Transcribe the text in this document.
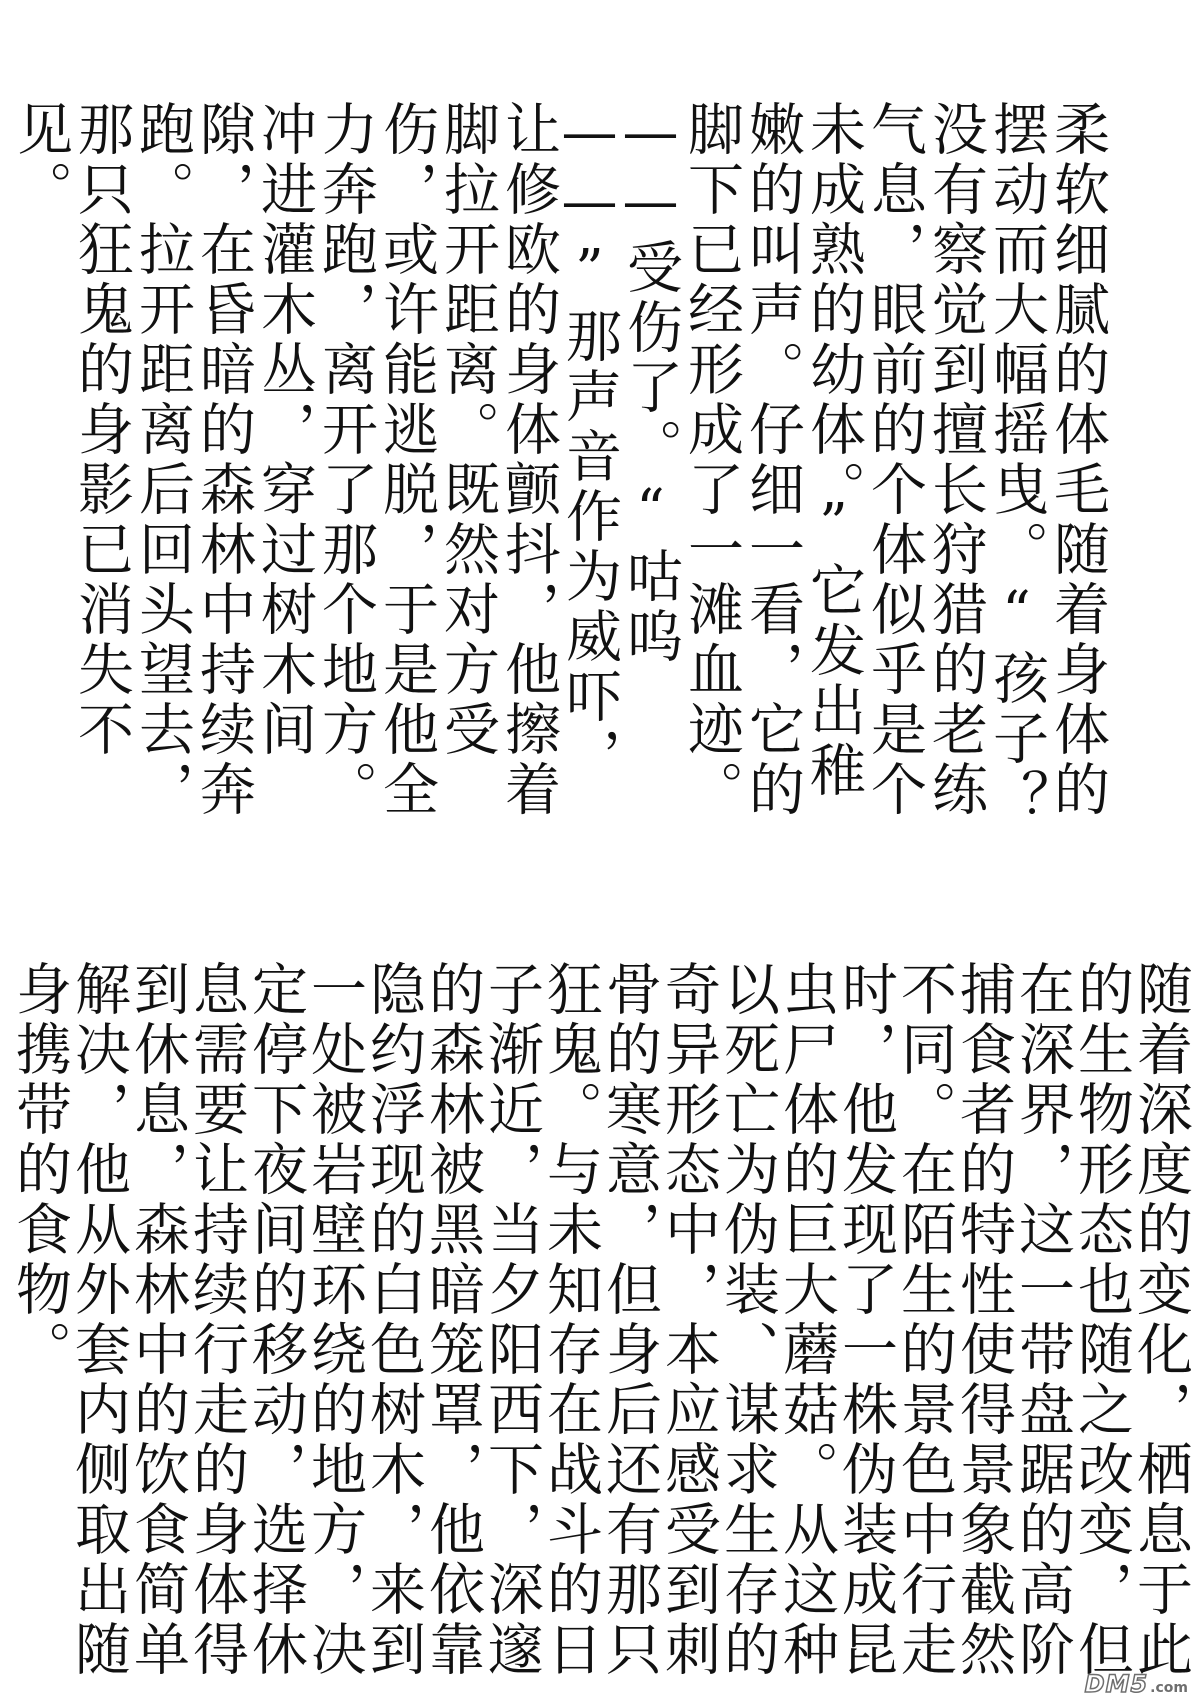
柔软细腻的体毛随着身体的摆动而大幅摇曳。“孩子？没有察觉到擅长狩猎的老练气息，眼前的个体似乎是个未成熟的幼体。”它发出稚嫩的叫声。仔细一看，它的脚下已经形成了一滩血迹。——受伤了。“咕呜——”那声音作为威吓，让修欧的身体颤抖，他擦着脚拉开距离。既然对方受伤，或许能逃脱，于是他全力奔跑，离开了那个地方。冲进灌木丛，穿过树木间隙，在昏暗的森林中持续奔跑。拉开距离后回头望去，那只狂鬼的身影已消失不见。

随着深度的变化，栖息于此的生物形态也随之改变，但在深界，这一带盘踞的高阶捕食者的特性使得景象截然不同。在陌生的景色中行走时，他发现了一株伪装成昆虫尸体的巨大蘑菇。从这种以死亡为伪装、谋求生存的奇异形态中，本应感受到刺骨的寒意，但身后还有那只狂鬼。与未知存在战斗的日子渐近，当夕阳西下，深邃的森林被黑暗笼罩，他依靠隐约浮现的白色树木，来到一处被岩壁环绕的地方，决定停下夜间的移动，选择休息需要让持续行走的身体得到休息，森林中的饮食简单解决，他从外套内侧取出随身携带的食物。

DM5 .com
